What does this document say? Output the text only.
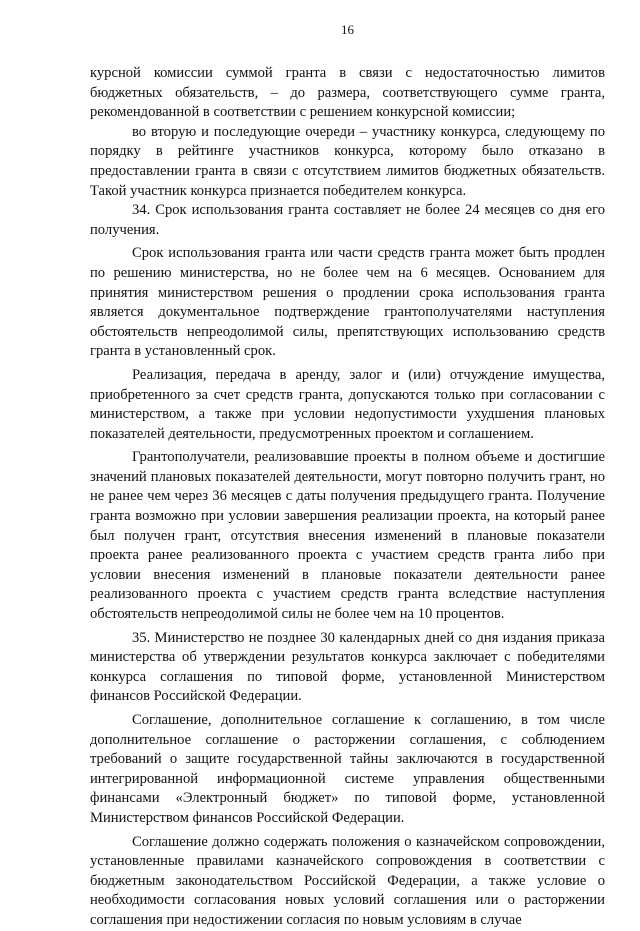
16

курсной комиссии суммой гранта в связи с недостаточностью лимитов бюджетных обязательств, – до размера, соответствующего сумме гранта, рекомендованной в соответствии с решением конкурсной комиссии;

во вторую и последующие очереди – участнику конкурса, следующему по порядку в рейтинге участников конкурса, которому было отказано в предоставлении гранта в связи с отсутствием лимитов бюджетных обязательств. Такой участник конкурса признается победителем конкурса.

34. Срок использования гранта составляет не более 24 месяцев со дня его получения.

Срок использования гранта или части средств гранта может быть продлен по решению министерства, но не более чем на 6 месяцев. Основанием для принятия министерством решения о продлении срока использования гранта является документальное подтверждение грантополучателями наступления обстоятельств непреодолимой силы, препятствующих использованию средств гранта в установленный срок.

Реализация, передача в аренду, залог и (или) отчуждение имущества, приобретенного за счет средств гранта, допускаются только при согласовании с министерством, а также при условии недопустимости ухудшения плановых показателей деятельности, предусмотренных проектом и соглашением.

Грантополучатели, реализовавшие проекты в полном объеме и достигшие значений плановых показателей деятельности, могут повторно получить грант, но не ранее чем через 36 месяцев с даты получения предыдущего гранта. Получение гранта возможно при условии завершения реализации проекта, на который ранее был получен грант, отсутствия внесения изменений в плановые показатели проекта ранее реализованного проекта с участием средств гранта либо при условии внесения изменений в плановые показатели деятельности ранее реализованного проекта с участием средств гранта вследствие наступления обстоятельств непреодолимой силы не более чем на 10 процентов.

35. Министерство не позднее 30 календарных дней со дня издания приказа министерства об утверждении результатов конкурса заключает с победителями конкурса соглашения по типовой форме, установленной Министерством финансов Российской Федерации.

Соглашение, дополнительное соглашение к соглашению, в том числе дополнительное соглашение о расторжении соглашения, с соблюдением требований о защите государственной тайны заключаются в государственной интегрированной информационной системе управления общественными финансами «Электронный бюджет» по типовой форме, установленной Министерством финансов Российской Федерации.

Соглашение должно содержать положения о казначейском сопровождении, установленные правилами казначейского сопровождения в соответствии с бюджетным законодательством Российской Федерации, а также условие о необходимости согласования новых условий соглашения или о расторжении соглашения при недостижении согласия по новым условиям в случае
